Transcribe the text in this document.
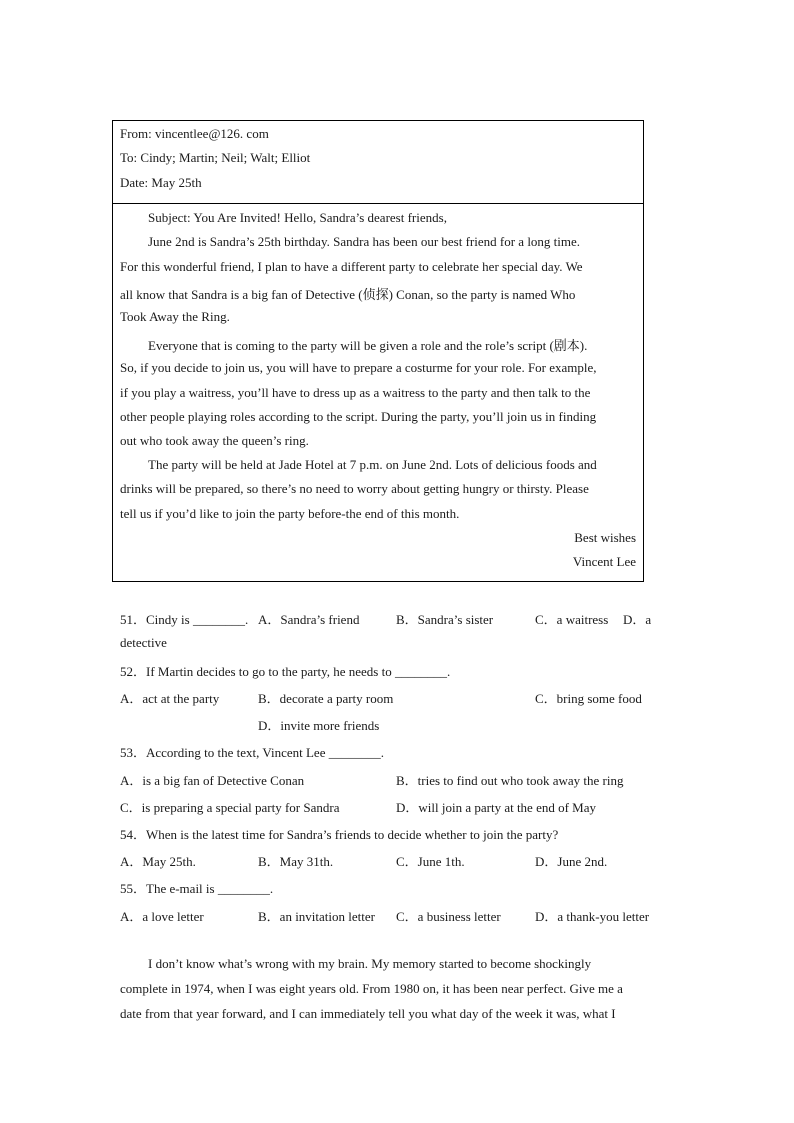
From: vincentlee@126. com
To: Cindy; Martin; Neil; Walt; Elliot
Date: May 25th
Subject: You Are Invited! Hello, Sandra’s dearest friends,
June 2nd is Sandra’s 25th birthday. Sandra has been our best friend for a long time.
For this wonderful friend, I plan to have a different party to celebrate her special day. We
all know that Sandra is a big fan of Detective (侦探) Conan, so the party is named Who
Took Away the Ring.
Everyone that is coming to the party will be given a role and the role’s script (剧本).
So, if you decide to join us, you will have to prepare a costurme for your role. For example,
if you play a waitress, you’ll have to dress up as a waitress to the party and then talk to the
other people playing roles according to the script. During the party, you’ll join us in finding
out who took away the queen’s ring.
The party will be held at Jade Hotel at 7 p.m. on June 2nd. Lots of delicious foods and
drinks will be prepared, so there’s no need to worry about getting hungry or thirsty. Please
tell us if you’d like to join the party before-the end of this month.
Best wishes
Vincent Lee
51．Cindy is ________. A．Sandra’s friend	B．Sandra’s sister	C．a waitress D．a
detective
52．If Martin decides to go to the party, he needs to ________.
A．act at the party	B．decorate a party room	C．bring some food
D．invite more friends
53．According to the text, Vincent Lee ________.
A．is a big fan of Detective Conan	B．tries to find out who took away the ring
C．is preparing a special party for Sandra	D．will join a party at the end of May
54．When is the latest time for Sandra’s friends to decide whether to join the party?
A．May 25th.	B．May 31th.	C．June 1th.	D．June 2nd.
55．The e-mail is ________.
A．a love letter	B．an invitation letter C．a business letter	D．a thank-you letter
I don’t know what’s wrong with my brain. My memory started to become shockingly
complete in 1974, when I was eight years old. From 1980 on, it has been near perfect. Give me a
date from that year forward, and I can immediately tell you what day of the week it was, what I
